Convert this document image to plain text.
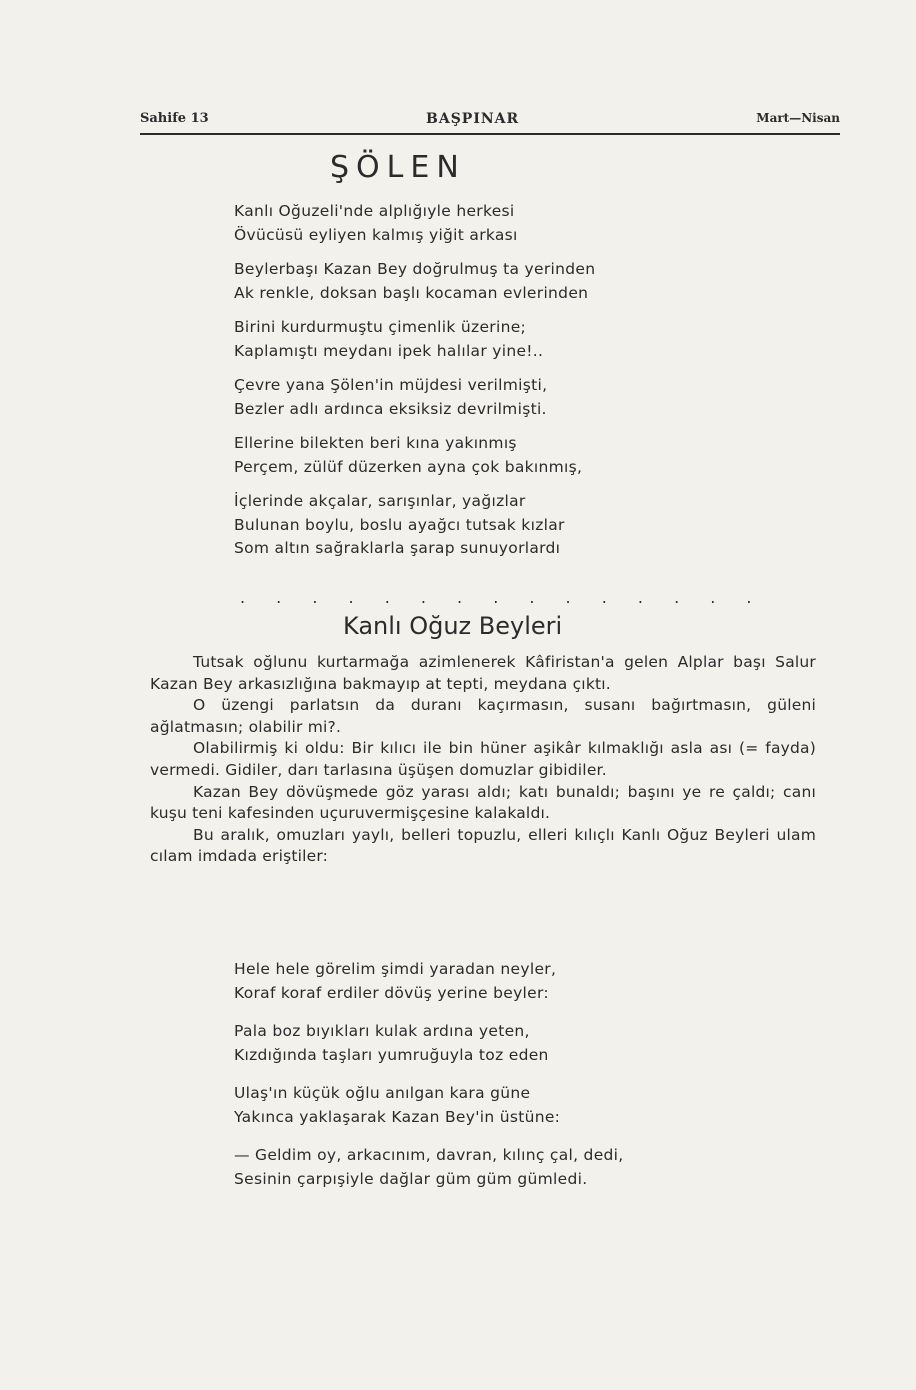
Sahife 13	BAŞPINAR	Mart—Nisan
ŞÖLEN
Kanlı Oğuzeli'nde alplığıyle herkesi
Övücüsü eyliyen kalmış yiğit arkası
Beylerbaşı Kazan Bey doğrulmuş ta yerinden
Ak renkle, doksan başlı kocaman evlerinden
Birini kurdurmuştu çimenlik üzerine;
Kaplamıştı meydanı ipek halılar yine!..
Çevre yana Şölen'in müjdesi verilmişti,
Bezler adlı ardınca eksiksiz devrilmişti.
Ellerine bilekten beri kına yakınmış
Perçem, zülüf düzerken ayna çok bakınmış,
İçlerinde akçalar, sarışınlar, yağızlar
Bulunan boylu, boslu ayağcı tutsak kızlar
Som altın sağraklarla şarap sunuyorlardı
. . . . . . . . . . . . . . .
Kanlı Oğuz Beyleri

Tutsak oğlunu kurtarmağa azimlenerek Kâfiristan'a gelen Alplar başı Salur Kazan Bey arkasızlığına bakmayıp at tepti, meydana çıktı.

O üzengi parlatsın da duranı kaçırmasın, susanı bağırtmasın, güleni ağlatmasın; olabilir mi?.

Olabilirmiş ki oldu: Bir kılıcı ile bin hüner aşikâr kılmaklığı asla ası (= fayda) vermedi. Gidiler, darı tarlasına üşüşen domuzlar gibidiler.

Kazan Bey dövüşmede göz yarası aldı; katı bunaldı; başını ye re çaldı; canı kuşu teni kafesinden uçuruvermişçesine kalakaldı.

Bu aralık, omuzları yaylı, belleri topuzlu, elleri kılıçlı Kanlı Oğuz Beyleri ulam cılam imdada eriştiler:

Hele hele görelim şimdi yaradan neyler,
Koraf koraf erdiler dövüş yerine beyler:
Pala boz bıyıkları kulak ardına yeten,
Kızdığında taşları yumruğuyla toz eden
Ulaş'ın küçük oğlu anılgan kara güne
Yakınca yaklaşarak Kazan Bey'in üstüne:
— Geldim oy, arkacınım, davran, kılınç çal, dedi,
Sesinin çarpışiyle dağlar güm güm gümledi.
